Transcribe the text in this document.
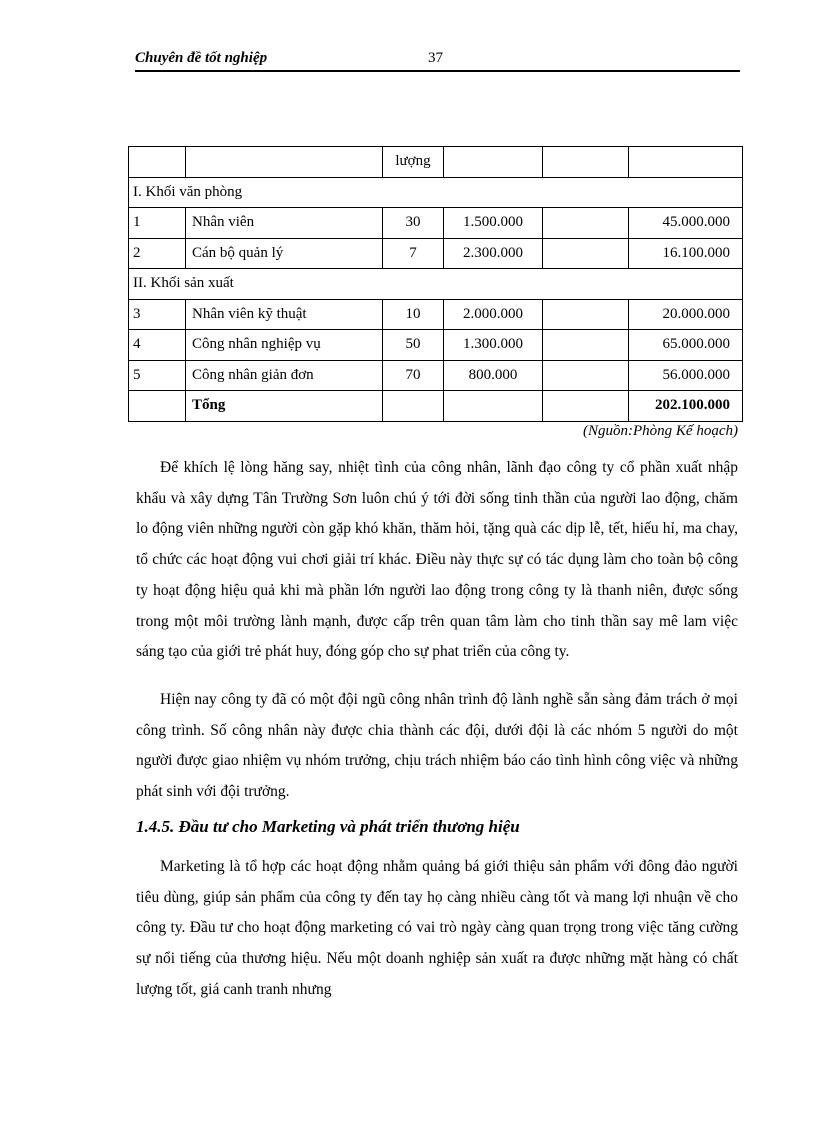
Chuyên đề tốt nghiệp	37
		lượng			
I. Khối văn phòng					
1	Nhân viên	30	1.500.000		45.000.000
2	Cán bộ quản lý	7	2.300.000		16.100.000
II. Khối sản xuất					
3	Nhân viên kỹ thuật	10	2.000.000		20.000.000
4	Công nhân nghiệp vụ	50	1.300.000		65.000.000
5	Công nhân giản đơn	70	800.000		56.000.000
	Tổng				202.100.000
(Nguồn:Phòng Kế hoạch)

Để khích lệ lòng hăng say, nhiệt tình của công nhân, lãnh đạo công ty cổ phần xuất nhập khẩu và xây dựng Tân Trường Sơn luôn chú ý tới đời sống tinh thần của người lao động, chăm lo động viên những người còn gặp khó khăn, thăm hỏi, tặng quà các dịp lễ, tết, hiếu hỉ, ma chay, tổ chức các hoạt động vui chơi giải trí khác. Điều này thực sự có tác dụng làm cho toàn bộ công ty hoạt động hiệu quả khi mà phần lớn người lao động trong công ty là thanh niên, được sống trong một môi trường lành mạnh, được cấp trên quan tâm làm cho tinh thần say mê lam việc sáng tạo của giới trẻ phát huy, đóng góp cho sự phat triển của công ty.

Hiện nay công ty đã có một đội ngũ công nhân trình độ lành nghề sẵn sàng đảm trách ở mọi công trình. Số công nhân này được chia thành các đội, dưới đội là các nhóm 5 người do một người được giao nhiệm vụ nhóm trưởng, chịu trách nhiệm báo cáo tình hình công việc và những phát sinh với đội trưởng.

1.4.5. Đầu tư cho Marketing và phát triển thương hiệu

Marketing là tổ hợp các hoạt động nhằm quảng bá giới thiệu sản phẩm với đông đảo người tiêu dùng, giúp sản phẩm của công ty đến tay họ càng nhiều càng tốt và mang lợi nhuận về cho công ty. Đầu tư cho hoạt động marketing có vai trò ngày càng quan trọng trong việc tăng cường sự nổi tiếng của thương hiệu. Nếu một doanh nghiệp sản xuất ra được những mặt hàng có chất lượng tốt, giá canh tranh nhưng
